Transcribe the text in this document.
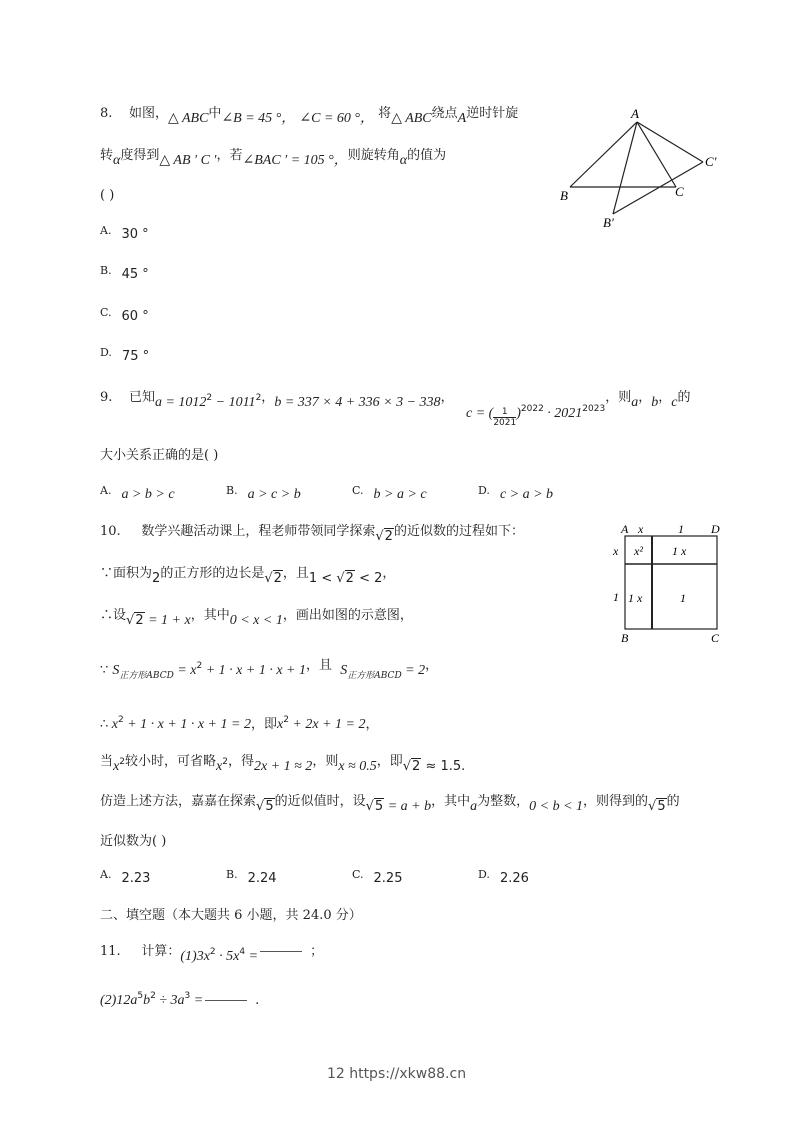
8. 如图，△ ABC中∠B = 45 °， ∠C = 60 °， 将△ ABC绕点A逆时针旋
转α度得到△ AB ′ C ′，若∠BAC ′ = 105 °，则旋转角α的值为
( )
A. 30 °
B. 45 °
C. 60 °
D. 75 °
A
B	C
B′
C′
9. 已知$a = 1012^2 - 1011^2$，b = 337 × 4 + 336 × 3 − 338，   c = ( $\frac{1}{2021} )^{2022} \cdot 2021^{2023}$，则a，b，c的
大小关系正确的是( )
A. a > b > c	B. a > c > b	C. b > a > c	D. c > a > b
10. 数学兴趣活动课上，程老师带领同学探索√2的近似数的过程如下：
∵面积为2的正方形的边长是√2，且1 < √2 < 2，
∴设√2 = 1 + x，其中0 < x < 1，画出如图的示意图，
∵ $S_{正方形ABCD} = x^2 + 1 \cdot x + 1 \cdot x + 1$，且 $S_{正方形ABCD} = 2$，
∴ $x^2 + 1 \cdot x + 1 \cdot x + 1 = 2$，即$x^2 + 2x + 1 = 2$，
当$x^2$较小时，可省略$x^2$，得2x + 1 ≈ 2，则x ≈ 0.5，即√2 ≈ 1.5.
仿造上述方法，嘉嘉在探索√5的近似值时，设√5 = a + b，其中a为整数，0 < b < 1，则得到的√5的
近似数为( )
A. 2.23	B. 2.24	C. 2.25	D. 2.26
A x	1 D
x
1
x² 1 x
1 x	1
B	C
二、填空题（本大题共 6 小题，共 24.0 分）
11. 计算：$(1)3x^2 \cdot 5x^4$ =	；
$(2)12a^5b^2 \div 3a^3$ =	.
12 https://xkw88.cn
